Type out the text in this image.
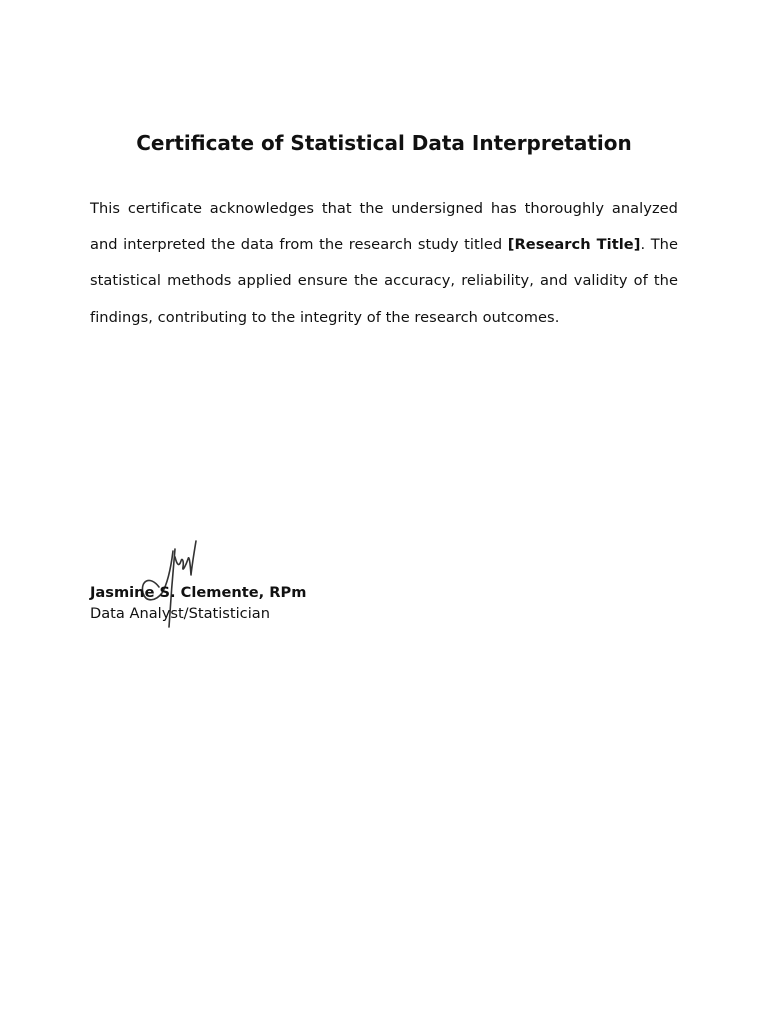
Certificate of Statistical Data Interpretation
This certificate acknowledges that the undersigned has thoroughly analyzed and interpreted the data from the research study titled [Research Title]. The statistical methods applied ensure the accuracy, reliability, and validity of the findings, contributing to the integrity of the research outcomes.
Jasmine S. Clemente, RPm
Data Analyst/Statistician
